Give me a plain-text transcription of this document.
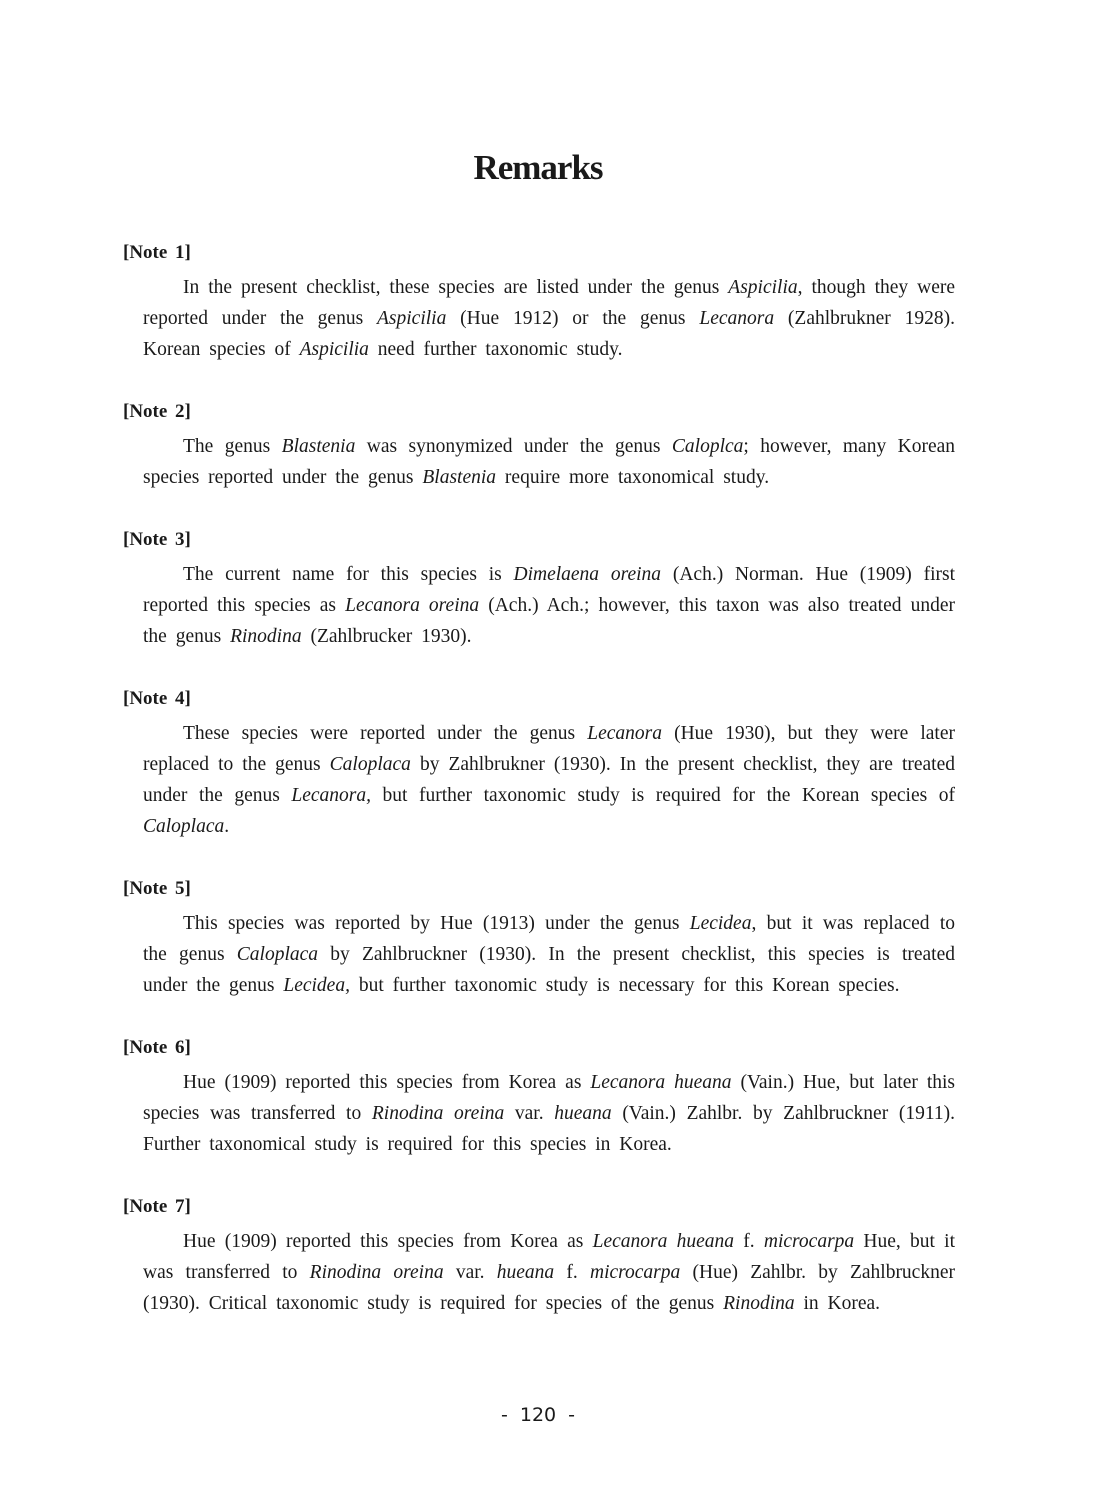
Remarks
[Note 1]

In the present checklist, these species are listed under the genus Aspicilia, though they were reported under the genus Aspicilia (Hue 1912) or the genus Lecanora (Zahlbrukner 1928). Korean species of Aspicilia need further taxonomic study.

[Note 2]

The genus Blastenia was synonymized under the genus Caloplca; however, many Korean species reported under the genus Blastenia require more taxonomical study.

[Note 3]

The current name for this species is Dimelaena oreina (Ach.) Norman. Hue (1909) first reported this species as Lecanora oreina (Ach.) Ach.; however, this taxon was also treated under the genus Rinodina (Zahlbrucker 1930).

[Note 4]

These species were reported under the genus Lecanora (Hue 1930), but they were later replaced to the genus Caloplaca by Zahlbrukner (1930). In the present checklist, they are treated under the genus Lecanora, but further taxonomic study is required for the Korean species of Caloplaca.

[Note 5]

This species was reported by Hue (1913) under the genus Lecidea, but it was replaced to the genus Caloplaca by Zahlbruckner (1930). In the present checklist, this species is treated under the genus Lecidea, but further taxonomic study is necessary for this Korean species.

[Note 6]

Hue (1909) reported this species from Korea as Lecanora hueana (Vain.) Hue, but later this species was transferred to Rinodina oreina var. hueana (Vain.) Zahlbr. by Zahlbruckner (1911). Further taxonomical study is required for this species in Korea.

[Note 7]

Hue (1909) reported this species from Korea as Lecanora hueana f. microcarpa Hue, but it was transferred to Rinodina oreina var. hueana f. microcarpa (Hue) Zahlbr. by Zahlbruckner (1930). Critical taxonomic study is required for species of the genus Rinodina in Korea.

- 120 -
